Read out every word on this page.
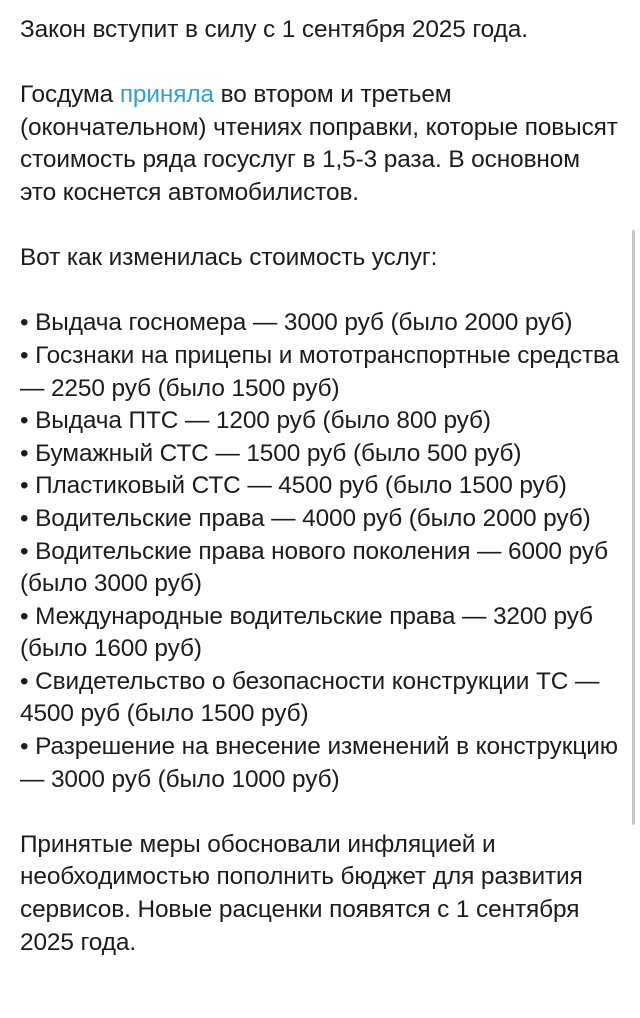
Закон вступит в силу с 1 сентября 2025 года.

Госдума приняла во втором и третьем (окончательном) чтениях поправки, которые повысят стоимость ряда госуслуг в 1,5-3 раза. В основном это коснется автомобилистов.

Вот как изменилась стоимость услуг:

• Выдача госномера — 3000 руб (было 2000 руб)
• Госзнаки на прицепы и мототранспортные средства — 2250 руб (было 1500 руб)
• Выдача ПТС — 1200 руб (было 800 руб)
• Бумажный СТС — 1500 руб (было 500 руб)
• Пластиковый СТС — 4500 руб (было 1500 руб)
• Водительские права — 4000 руб (было 2000 руб)
• Водительские права нового поколения — 6000 руб (было 3000 руб)
• Международные водительские права — 3200 руб (было 1600 руб)
• Свидетельство о безопасности конструкции ТС — 4500 руб (было 1500 руб)
• Разрешение на внесение изменений в конструкцию — 3000 руб (было 1000 руб)

Принятые меры обосновали инфляцией и необходимостью пополнить бюджет для развития сервисов. Новые расценки появятся с 1 сентября 2025 года.
